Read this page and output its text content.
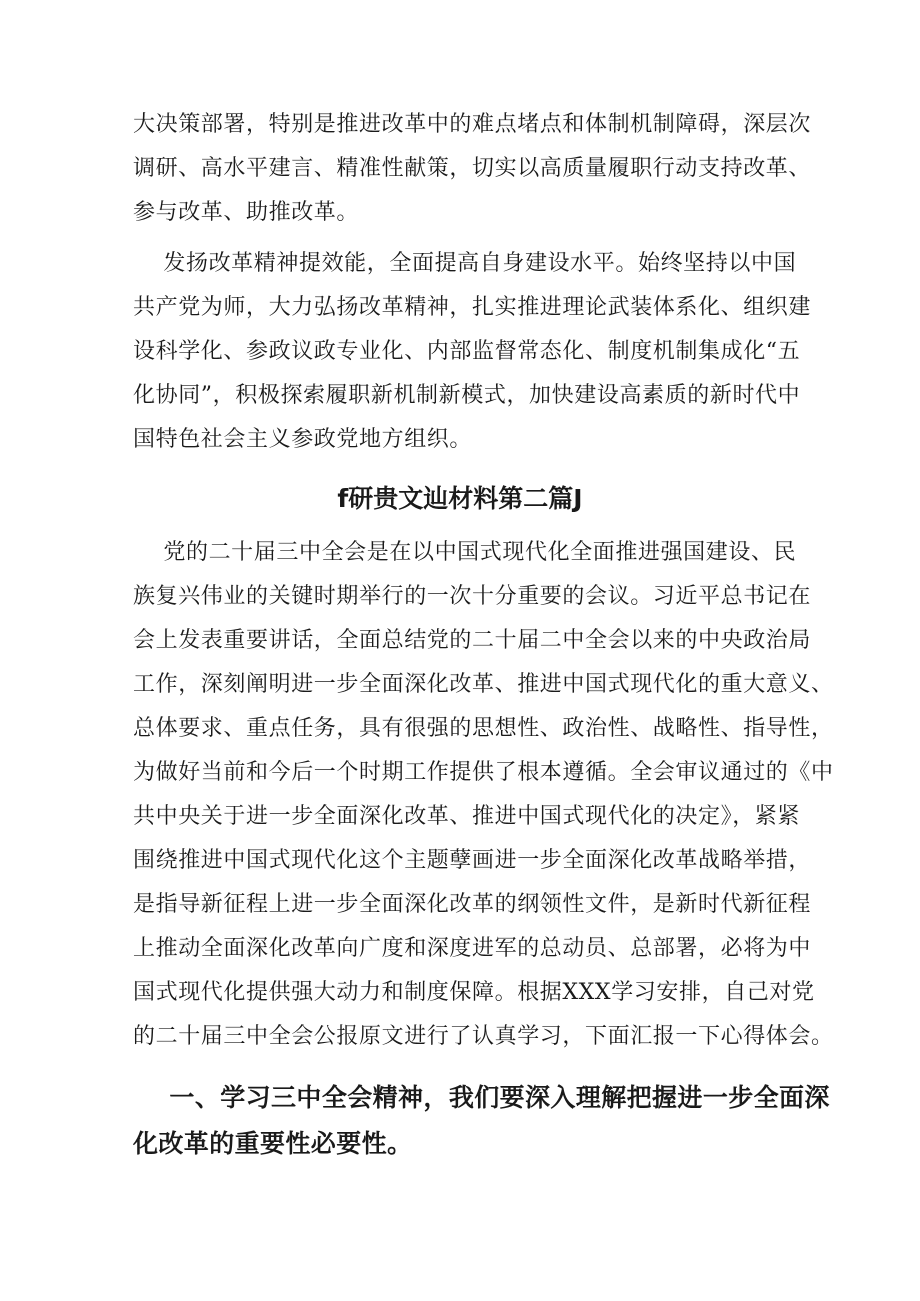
大决策部署，特别是推进改革中的难点堵点和体制机制障碍，深层次
调研、高水平建言、精准性献策，切实以高质量履职行动支持改革、
参与改革、助推改革。
发扬改革精神提效能，全面提高自身建设水平。始终坚持以中国
共产党为师，大力弘扬改革精神，扎实推进理论武装体系化、组织建
设科学化、参政议政专业化、内部监督常态化、制度机制集成化“五
化协同”，积极探索履职新机制新模式，加快建设高素质的新时代中
国特色社会主义参政党地方组织。
f研贵文辿材料第二篇J
党的二十届三中全会是在以中国式现代化全面推进强国建设、民
族复兴伟业的关键时期举行的一次十分重要的会议。习近平总书记在
会上发表重要讲话，全面总结党的二十届二中全会以来的中央政治局
工作，深刻阐明进一步全面深化改革、推进中国式现代化的重大意义、
总体要求、重点任务，具有很强的思想性、政治性、战略性、指导性，
为做好当前和今后一个时期工作提供了根本遵循。全会审议通过的《中
共中央关于进一步全面深化改革、推进中国式现代化的决定》，紧紧
围绕推进中国式现代化这个主题孽画进一步全面深化改革战略举措，
是指导新征程上进一步全面深化改革的纲领性文件，是新时代新征程
上推动全面深化改革向广度和深度进军的总动员、总部署，必将为中
国式现代化提供强大动力和制度保障。根据XXX学习安排，自己对党
的二十届三中全会公报原文进行了认真学习，下面汇报一下心得体会。
一、学习三中全会精神，我们要深入理解把握进一步全面深
化改革的重要性必要性。
